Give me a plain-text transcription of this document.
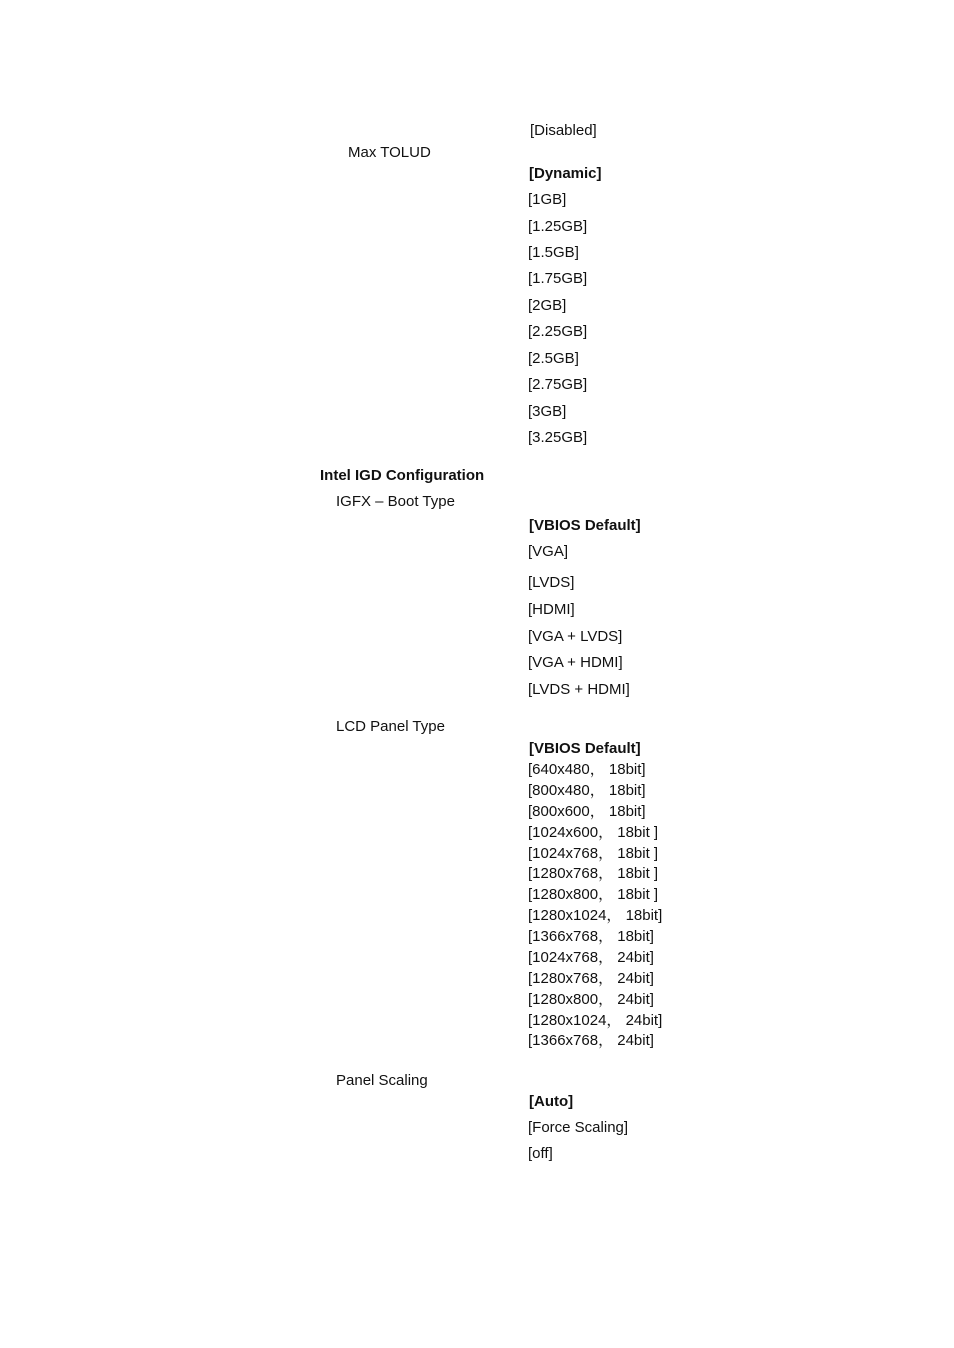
[Disabled]
Max TOLUD
[Dynamic]
[1GB]
[1.25GB]
[1.5GB]
[1.75GB]
[2GB]
[2.25GB]
[2.5GB]
[2.75GB]
[3GB]
[3.25GB]
Intel IGD Configuration
IGFX – Boot Type
[VBIOS Default]
[VGA]
[LVDS]
[HDMI]
[VGA + LVDS]
[VGA + HDMI]
[LVDS + HDMI]
LCD Panel Type
[VBIOS Default]
[640x480， 18bit]
[800x480， 18bit]
[800x600， 18bit]
[1024x600， 18bit ]
[1024x768， 18bit ]
[1280x768， 18bit ]
[1280x800， 18bit ]
[1280x1024， 18bit]
[1366x768， 18bit]
[1024x768， 24bit]
[1280x768， 24bit]
[1280x800， 24bit]
[1280x1024， 24bit]
[1366x768， 24bit]
Panel Scaling
[Auto]
[Force Scaling]
[off]
